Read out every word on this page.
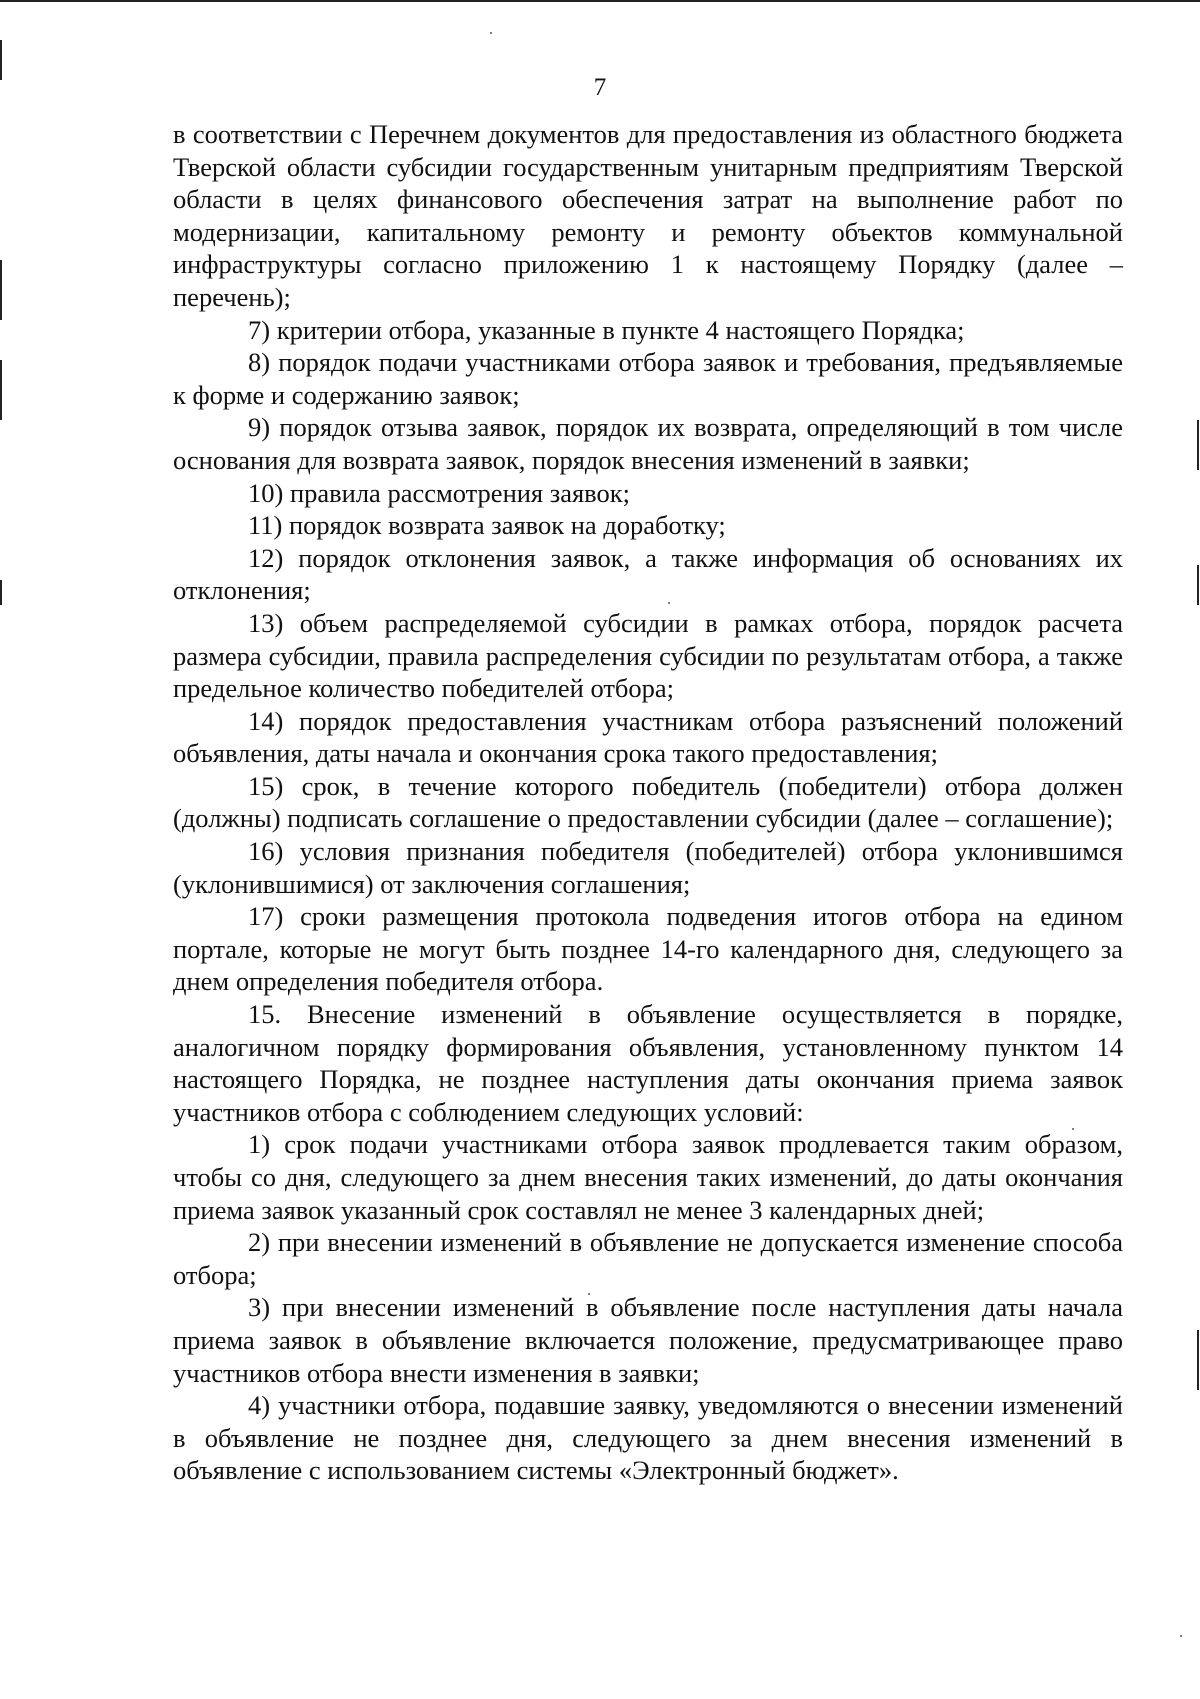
7

в соответствии с Перечнем документов для предоставления из областного бюджета Тверской области субсидии государственным унитарным предприятиям Тверской области в целях финансового обеспечения затрат на выполнение работ по модернизации, капитальному ремонту и ремонту объектов коммунальной инфраструктуры согласно приложению 1 к настоящему Порядку (далее – перечень);

7) критерии отбора, указанные в пункте 4 настоящего Порядка;

8) порядок подачи участниками отбора заявок и требования, предъявляемые к форме и содержанию заявок;

9) порядок отзыва заявок, порядок их возврата, определяющий в том числе основания для возврата заявок, порядок внесения изменений в заявки;

10) правила рассмотрения заявок;

11) порядок возврата заявок на доработку;

12) порядок отклонения заявок, а также информация об основаниях их отклонения;

13) объем распределяемой субсидии в рамках отбора, порядок расчета размера субсидии, правила распределения субсидии по результатам отбора, а также предельное количество победителей отбора;

14) порядок предоставления участникам отбора разъяснений положений объявления, даты начала и окончания срока такого предоставления;

15) срок, в течение которого победитель (победители) отбора должен (должны) подписать соглашение о предоставлении субсидии (далее – соглашение);

16) условия признания победителя (победителей) отбора уклонившимся (уклонившимися) от заключения соглашения;

17) сроки размещения протокола подведения итогов отбора на едином портале, которые не могут быть позднее 14-го календарного дня, следующего за днем определения победителя отбора.

15. Внесение изменений в объявление осуществляется в порядке, аналогичном порядку формирования объявления, установленному пунктом 14 настоящего Порядка, не позднее наступления даты окончания приема заявок участников отбора с соблюдением следующих условий:

1) срок подачи участниками отбора заявок продлевается таким образом, чтобы со дня, следующего за днем внесения таких изменений, до даты окончания приема заявок указанный срок составлял не менее 3 календарных дней;

2) при внесении изменений в объявление не допускается изменение способа отбора;

3) при внесении изменений в объявление после наступления даты начала приема заявок в объявление включается положение, предусматривающее право участников отбора внести изменения в заявки;

4) участники отбора, подавшие заявку, уведомляются о внесении изменений в объявление не позднее дня, следующего за днем внесения изменений в объявление с использованием системы «Электронный бюджет».
